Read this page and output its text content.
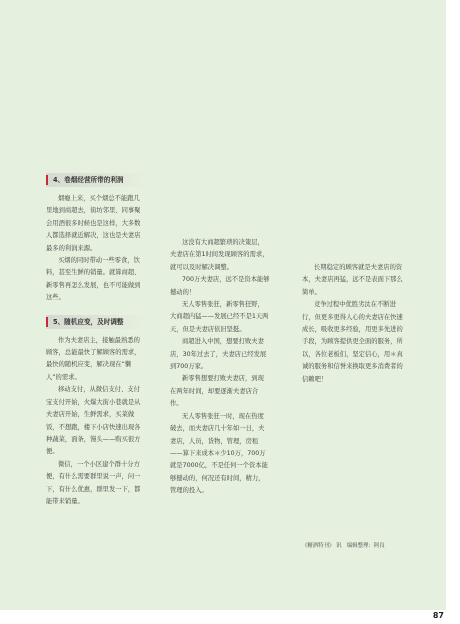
4、卷烟经营所带的利润

烟瘾上来，买个烟总不能跑几里地到商超去，街坊邻里、同事聚会用酒很多时候也是这样，大多数人都选择就近解决，这也是夫妻店最多的利润来源。

买烟的同时带动一些零食，饮料，甚至生鲜的销量。就算商超、新零售再怎么发展，也不可能做到这些。

5、随机应变，及时调整

作为夫妻店主，接触最熟悉的顾客，总能最快了解顾客的需求，最快的随机应变，解决现在“懒人”的需求。

移动支付，从微信支付、支付宝支付开始，火爆大街小巷就是从夫妻店开始，生鲜需求，买菜做饭，不想跑，楼下小店快速出现各种蔬菜，面条，馒头——购买很方便。

微信，一个小区建个群十分方便，有什么需要群里说一声，问一下，有什么优惠，群里发一下，都能带来销量。

这没有大商超繁琐的决策层，夫妻店在第1时间发现顾客的需求，就可以及时解决调整。

700万夫妻店，远不是资本能够撼动的！

无人零售张狂，新零售狂野，大商超内猛——发展已经不是1天两天，但是夫妻店依旧坚挺。

商超进入中国，想要打败夫妻店，30年过去了，夫妻店已经发展到700万家。

新零售想要打败夫妻店，到现在两年时间，却要逐渐夫妻店合作。

无人零售张狂一时，现在热度破去，而夫妻店几十年如一日，夫妻店，人员，货物，管理，房租——算下来成本＊少10万，700万就是7000亿，不是任何一个资本能够撼动的，何况还有时间，精力，管理的投入。

长期稳定的顾客就是夫妻店的资本，夫妻店再猛，远不是表面下那么简单。

竞争过程中优胜劣汰在不断进行，但更多更得人心的夫妻店在快速成长，吸收更多经验，用更多先进的手段，为顾客提供更全面的服务，所以，各位老板们，坚定信心，用＊真诚的服务和信誉来换取更多消费者的信赖吧！

《糖酒特刊》 讯　编辑整理：阿良
87
